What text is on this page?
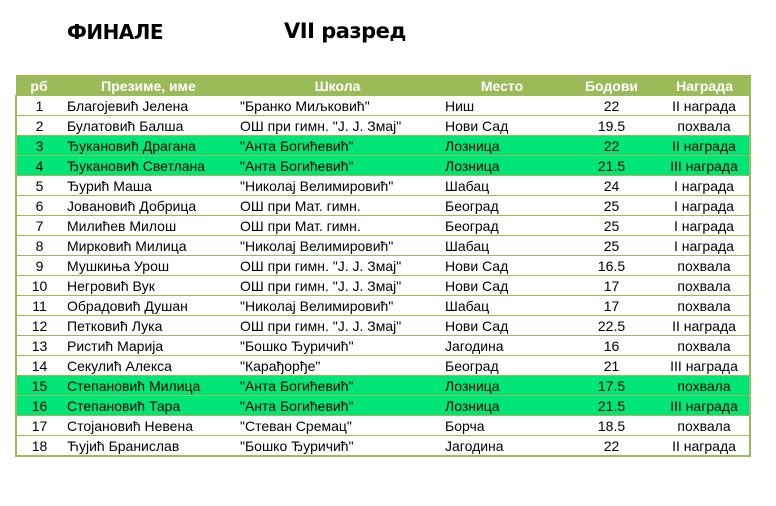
ФИНАЛЕ	VII разред
рб	Презиме, име	Школа	Место	Бодови	Награда
1	Благојевић Јелена	"Бранко Миљковић"	Ниш	22	II награда
2	Булатовић Балша	ОШ при гимн. "Ј. Ј. Змај"	Нови Сад	19.5	похвала
3	Ђукановић Драгана	"Анта Богићевић"	Лозница	22	II награда
4	Ђукановић Светлана	"Анта Богићевић"	Лозница	21.5	III награда
5	Ђурић Маша	"Николај Велимировић"	Шабац	24	I награда
6	Јовановић Добрица	ОШ при Мат. гимн.	Београд	25	I награда
7	Милићев Милош	ОШ при Мат. гимн.	Београд	25	I награда
8	Мирковић Милица	"Николај Велимировић"	Шабац	25	I награда
9	Мушкиња Урош	ОШ при гимн. "Ј. Ј. Змај"	Нови Сад	16.5	похвала
10	Негровић Вук	ОШ при гимн. "Ј. Ј. Змај"	Нови Сад	17	похвала
11	Обрадовић Душан	"Николај Велимировић"	Шабац	17	похвала
12	Петковић Лука	ОШ при гимн. "Ј. Ј. Змај"	Нови Сад	22.5	II награда
13	Ристић Марија	"Бошко Ђуричић"	Јагодина	16	похвала
14	Секулић Алекса	"Карађорђе"	Београд	21	III награда
15	Степановић Милица	"Анта Богићевић"	Лозница	17.5	похвала
16	Степановић Тара	"Анта Богићевић"	Лозница	21.5	III награда
17	Стојановић Невена	"Стеван Сремац"	Борча	18.5	похвала
18	Ћујић Бранислав	"Бошко Ђуричић"	Јагодина	22	II награда
